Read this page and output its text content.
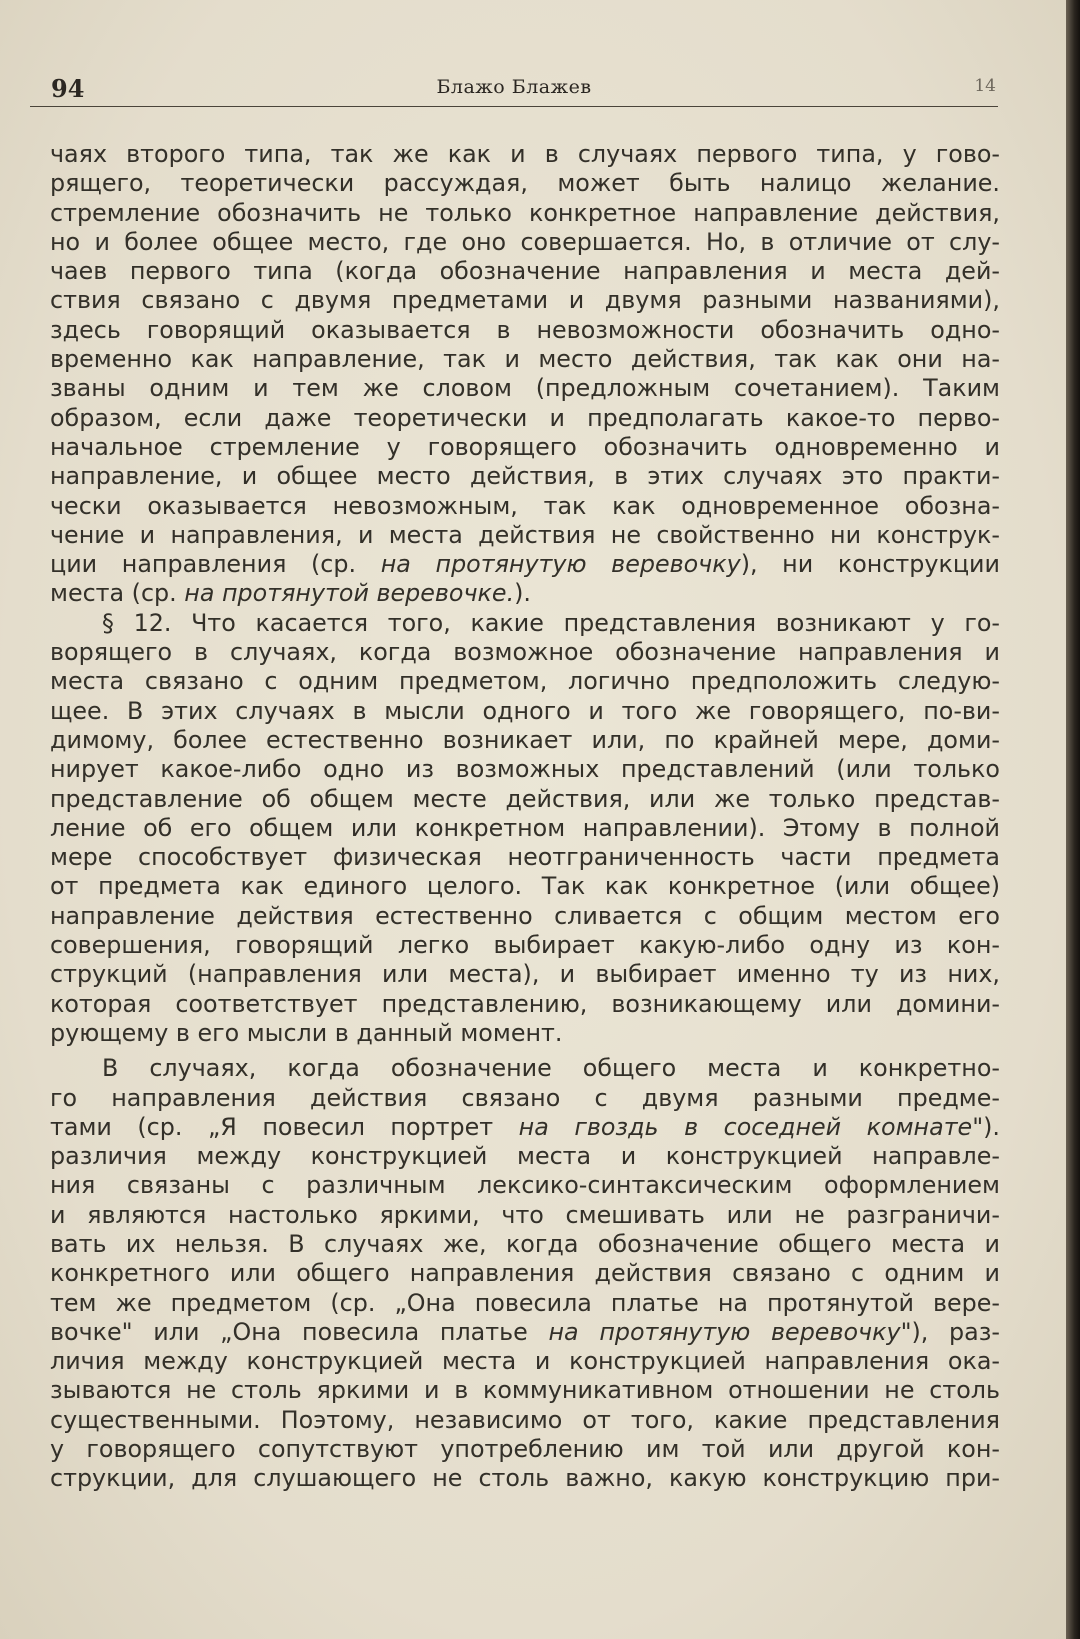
94	Блажо Блажев	14
чаях второго типа, так же как и в случаях первого типа, у гово-
рящего, теоретически рассуждая, может быть налицо желание.
стремление обозначить не только конкретное направление действия,
но и более общее место, где оно совершается. Но, в отличие от слу-
чаев первого типа (когда обозначение направления и места дей-
ствия связано с двумя предметами и двумя разными названиями),
здесь говорящий оказывается в невозможности обозначить одно-
временно как направление, так и место действия, так как они на-
званы одним и тем же словом (предложным сочетанием). Таким
образом, если даже теоретически и предполагать какое-то перво-
начальное стремление у говорящего обозначить одновременно и
направление, и общее место действия, в этих случаях это практи-
чески оказывается невозможным, так как одновременное обозна-
чение и направления, и места действия не свойственно ни конструк-
ции направления (ср. на протянутую веревочку), ни конструкции
места (ср. на протянутой веревочке.).
§ 12. Что касается того, какие представления возникают у го-
ворящего в случаях, когда возможное обозначение направления и
места связано с одним предметом, логично предположить следую-
щее. В этих случаях в мысли одного и того же говорящего, по-ви-
димому, более естественно возникает или, по крайней мере, доми-
нирует какое-либо одно из возможных представлений (или только
представление об общем месте действия, или же только представ-
ление об его общем или конкретном направлении). Этому в полной
мере способствует физическая неотграниченность части предмета
от предмета как единого целого. Так как конкретное (или общее)
направление действия естественно сливается с общим местом его
совершения, говорящий легко выбирает какую-либо одну из кон-
струкций (направления или места), и выбирает именно ту из них,
которая соответствует представлению, возникающему или домини-
рующему в его мысли в данный момент.
В случаях, когда обозначение общего места и конкретно-
го направления действия связано с двумя разными предме-
тами (ср. „Я повесил портрет на гвоздь в соседней комнате").
различия между конструкцией места и конструкцией направле-
ния связаны с различным лексико-синтаксическим оформлением
и являются настолько яркими, что смешивать или не разграничи-
вать их нельзя. В случаях же, когда обозначение общего места и
конкретного или общего направления действия связано с одним и
тем же предметом (ср. „Она повесила платье на протянутой вере-
вочке" или „Она повесила платье на протянутую веревочку"), раз-
личия между конструкцией места и конструкцией направления ока-
зываются не столь яркими и в коммуникативном отношении не столь
существенными. Поэтому, независимо от того, какие представления
у говорящего сопутствуют употреблению им той или другой кон-
струкции, для слушающего не столь важно, какую конструкцию при-
